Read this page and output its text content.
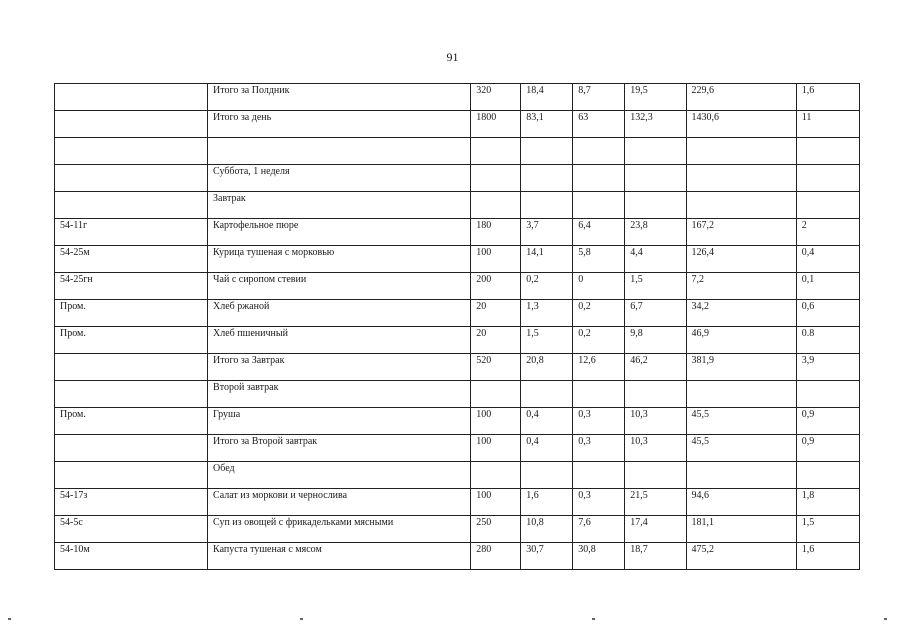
91
	Итого за Полдник	320	18,4	8,7	19,5	229,6	1,6
	Итого за день	1800	83,1	63	132,3	1430,6	11

	Суббота, 1 неделя						
	Завтрак						
54-11г	Картофельное пюре	180	3,7	6,4	23,8	167,2	2
54-25м	Курица тушеная с морковью	100	14,1	5,8	4,4	126,4	0,4
54-25гн	Чай с сиропом стевии	200	0,2	0	1,5	7,2	0,1
Пром.	Хлеб ржаной	20	1,3	0,2	6,7	34,2	0,6
Пром.	Хлеб пшеничный	20	1,5	0,2	9,8	46,9	0.8
	Итого за Завтрак	520	20,8	12,6	46,2	381,9	3,9
	Второй завтрак						
Пром.	Груша	100	0,4	0,3	10,3	45,5	0,9
	Итого за Второй завтрак	100	0,4	0,3	10,3	45,5	0,9
	Обед						
54-17з	Салат из моркови и чернослива	100	1,6	0,3	21,5	94,6	1,8
54-5с	Суп из овощей с фрикадельками мясными	250	10,8	7,6	17,4	181,1	1,5
54-10м	Капуста тушеная с мясом	280	30,7	30,8	18,7	475,2	1,6
